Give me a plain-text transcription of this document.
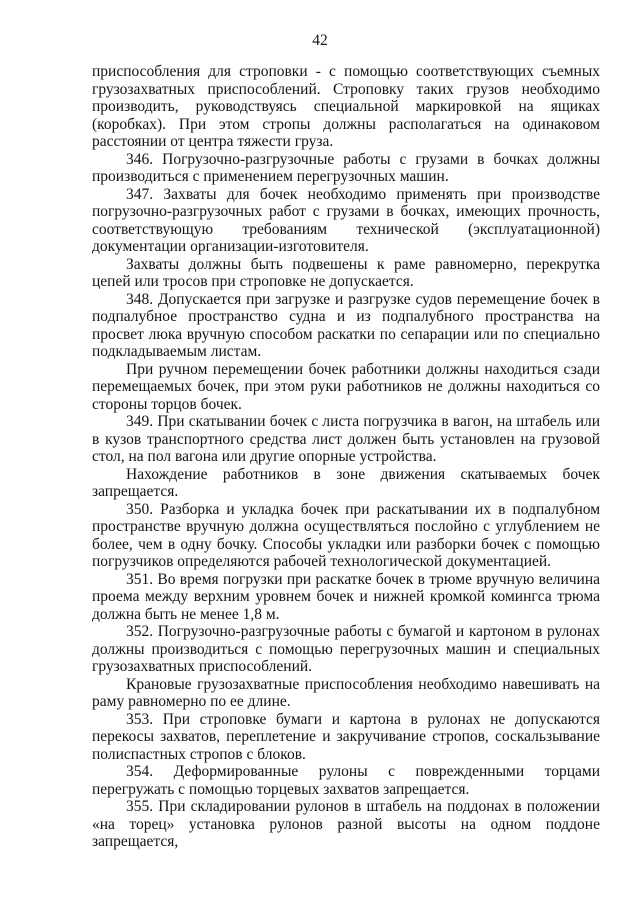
42

приспособления для строповки - с помощью соответствующих съемных грузозахватных приспособлений. Строповку таких грузов необходимо производить, руководствуясь специальной маркировкой на ящиках (коробках). При этом стропы должны располагаться на одинаковом расстоянии от центра тяжести груза.

346. Погрузочно-разгрузочные работы с грузами в бочках должны производиться с применением перегрузочных машин.

347. Захваты для бочек необходимо применять при производстве погрузочно-разгрузочных работ с грузами в бочках, имеющих прочность, соответствующую требованиям технической (эксплуатационной) документации организации-изготовителя.

Захваты должны быть подвешены к раме равномерно, перекрутка цепей или тросов при строповке не допускается.

348. Допускается при загрузке и разгрузке судов перемещение бочек в подпалубное пространство судна и из подпалубного пространства на просвет люка вручную способом раскатки по сепарации или по специально подкладываемым листам.

При ручном перемещении бочек работники должны находиться сзади перемещаемых бочек, при этом руки работников не должны находиться со стороны торцов бочек.

349. При скатывании бочек с листа погрузчика в вагон, на штабель или в кузов транспортного средства лист должен быть установлен на грузовой стол, на пол вагона или другие опорные устройства.

Нахождение работников в зоне движения скатываемых бочек запрещается.

350. Разборка и укладка бочек при раскатывании их в подпалубном пространстве вручную должна осуществляться послойно с углублением не более, чем в одну бочку. Способы укладки или разборки бочек с помощью погрузчиков определяются рабочей технологической документацией.

351. Во время погрузки при раскатке бочек в трюме вручную величина проема между верхним уровнем бочек и нижней кромкой комингса трюма должна быть не менее 1,8 м.

352. Погрузочно-разгрузочные работы с бумагой и картоном в рулонах должны производиться с помощью перегрузочных машин и специальных грузозахватных приспособлений.

Крановые грузозахватные приспособления необходимо навешивать на раму равномерно по ее длине.

353. При строповке бумаги и картона в рулонах не допускаются перекосы захватов, переплетение и закручивание стропов, соскальзывание полиспастных стропов с блоков.

354. Деформированные рулоны с поврежденными торцами перегружать с помощью торцевых захватов запрещается.

355. При складировании рулонов в штабель на поддонах в положении «на торец» установка рулонов разной высоты на одном поддоне запрещается,
